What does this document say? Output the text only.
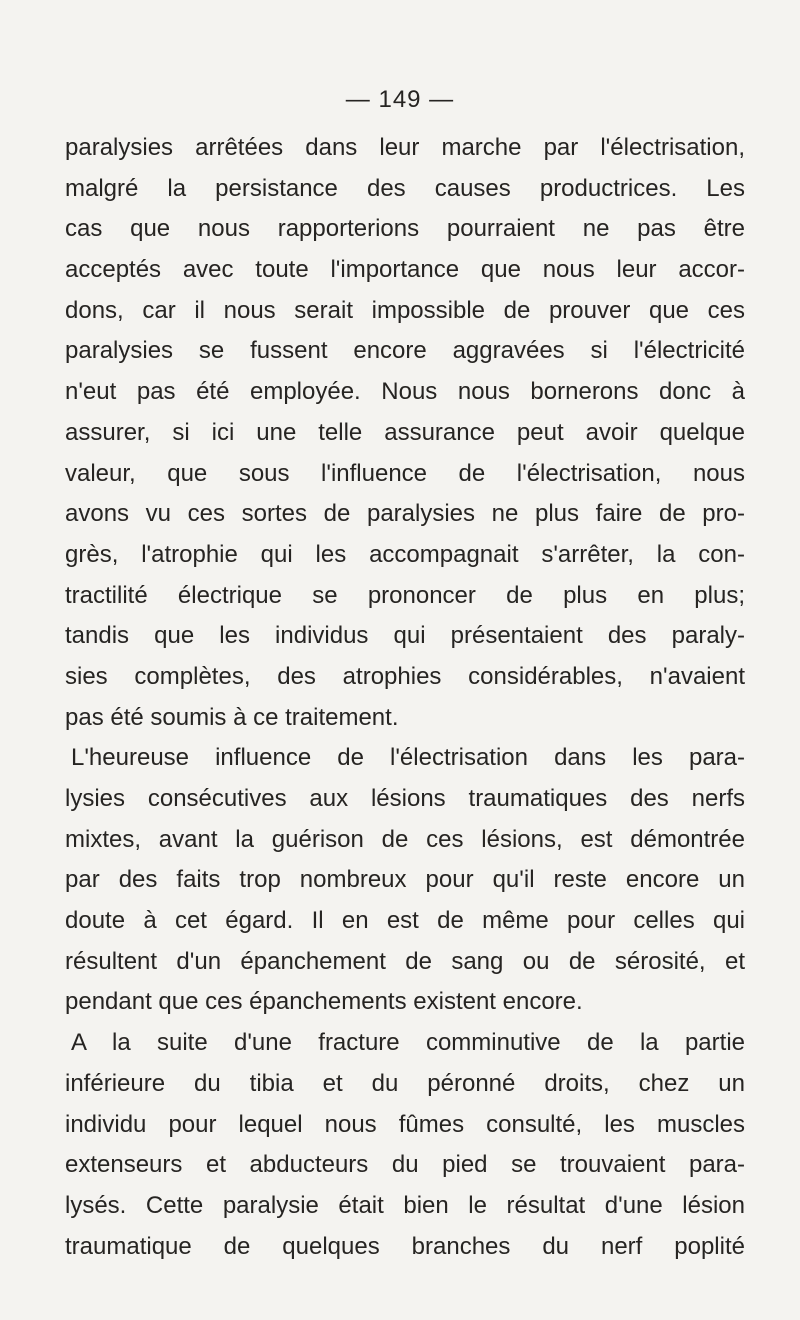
— 149 —
paralysies arrêtées dans leur marche par l'électrisation,
malgré la persistance des causes productrices. Les
cas que nous rapporterions pourraient ne pas être
acceptés avec toute l'importance que nous leur accor-
dons, car il nous serait impossible de prouver que ces
paralysies se fussent encore aggravées si l'électricité
n'eut pas été employée. Nous nous bornerons donc à
assurer, si ici une telle assurance peut avoir quelque
valeur, que sous l'influence de l'électrisation, nous
avons vu ces sortes de paralysies ne plus faire de pro-
grès, l'atrophie qui les accompagnait s'arrêter, la con-
tractilité électrique se prononcer de plus en plus;
tandis que les individus qui présentaient des paraly-
sies complètes, des atrophies considérables, n'avaient
pas été soumis à ce traitement.
L'heureuse influence de l'électrisation dans les para-
lysies consécutives aux lésions traumatiques des nerfs
mixtes, avant la guérison de ces lésions, est démontrée
par des faits trop nombreux pour qu'il reste encore un
doute à cet égard. Il en est de même pour celles qui
résultent d'un épanchement de sang ou de sérosité, et
pendant que ces épanchements existent encore.
A la suite d'une fracture comminutive de la partie
inférieure du tibia et du péronné droits, chez un
individu pour lequel nous fûmes consulté, les muscles
extenseurs et abducteurs du pied se trouvaient para-
lysés. Cette paralysie était bien le résultat d'une lésion
traumatique de quelques branches du nerf poplité
